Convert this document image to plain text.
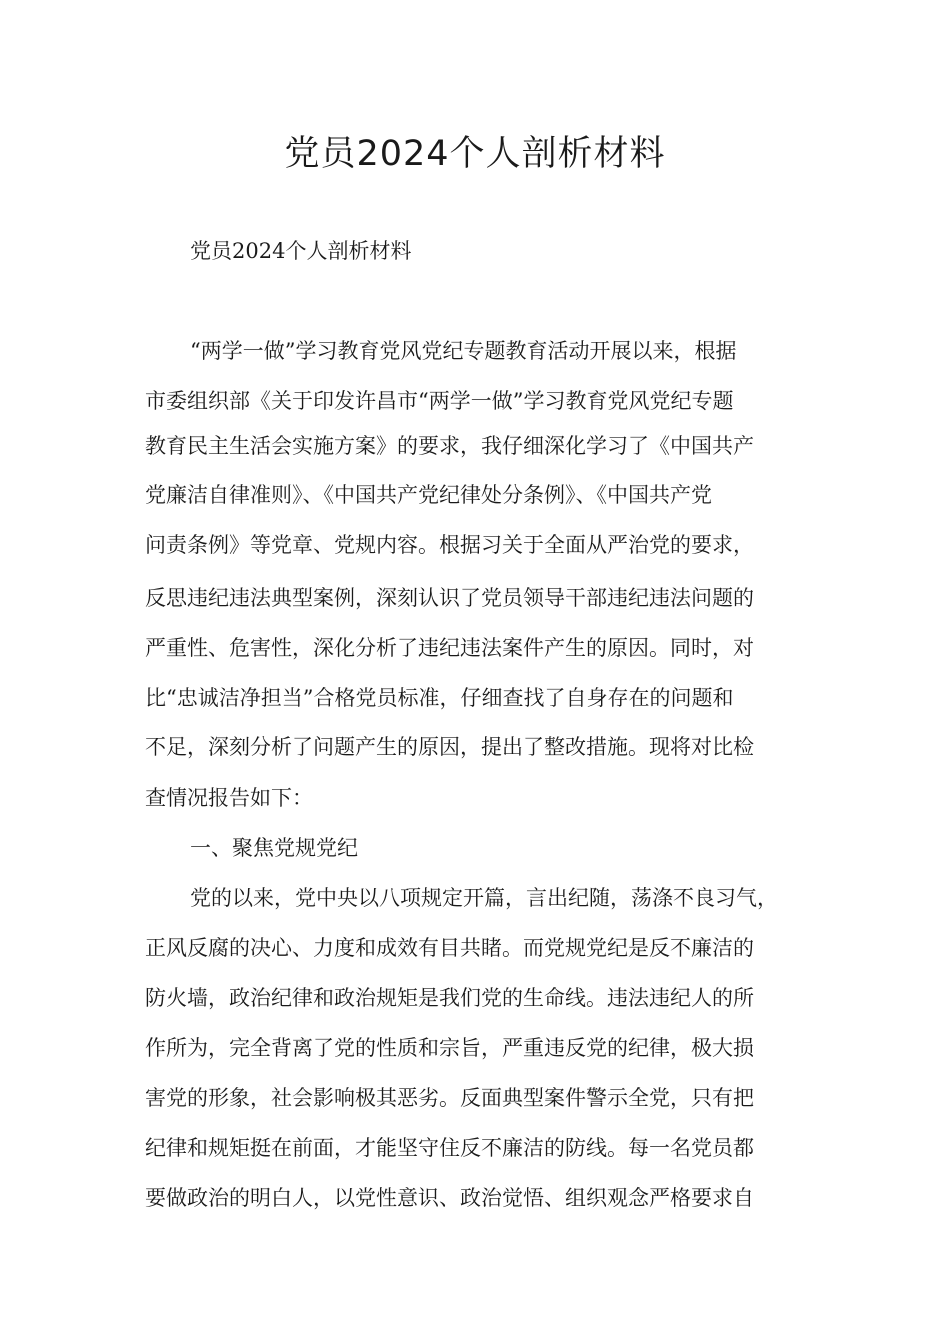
党员2024个人剖析材料
党员2024个人剖析材料
“两学一做”学习教育党风党纪专题教育活动开展以来，根据
市委组织部《关于印发许昌市“两学一做”学习教育党风党纪专题
教育民主生活会实施方案》的要求，我仔细深化学习了《中国共产
党廉洁自律准则》、《中国共产党纪律处分条例》、《中国共产党
问责条例》等党章、党规内容。根据习关于全面从严治党的要求，
反思违纪违法典型案例，深刻认识了党员领导干部违纪违法问题的
严重性、危害性，深化分析了违纪违法案件产生的原因。同时，对
比“忠诚洁净担当”合格党员标准，仔细查找了自身存在的问题和
不足，深刻分析了问题产生的原因，提出了整改措施。现将对比检
查情况报告如下：
一、聚焦党规党纪
党的以来，党中央以八项规定开篇，言出纪随，荡涤不良习气，
正风反腐的决心、力度和成效有目共睹。而党规党纪是反不廉洁的
防火墙，政治纪律和政治规矩是我们党的生命线。违法违纪人的所
作所为，完全背离了党的性质和宗旨，严重违反党的纪律，极大损
害党的形象，社会影响极其恶劣。反面典型案件警示全党，只有把
纪律和规矩挺在前面，才能坚守住反不廉洁的防线。每一名党员都
要做政治的明白人，以党性意识、政治觉悟、组织观念严格要求自
